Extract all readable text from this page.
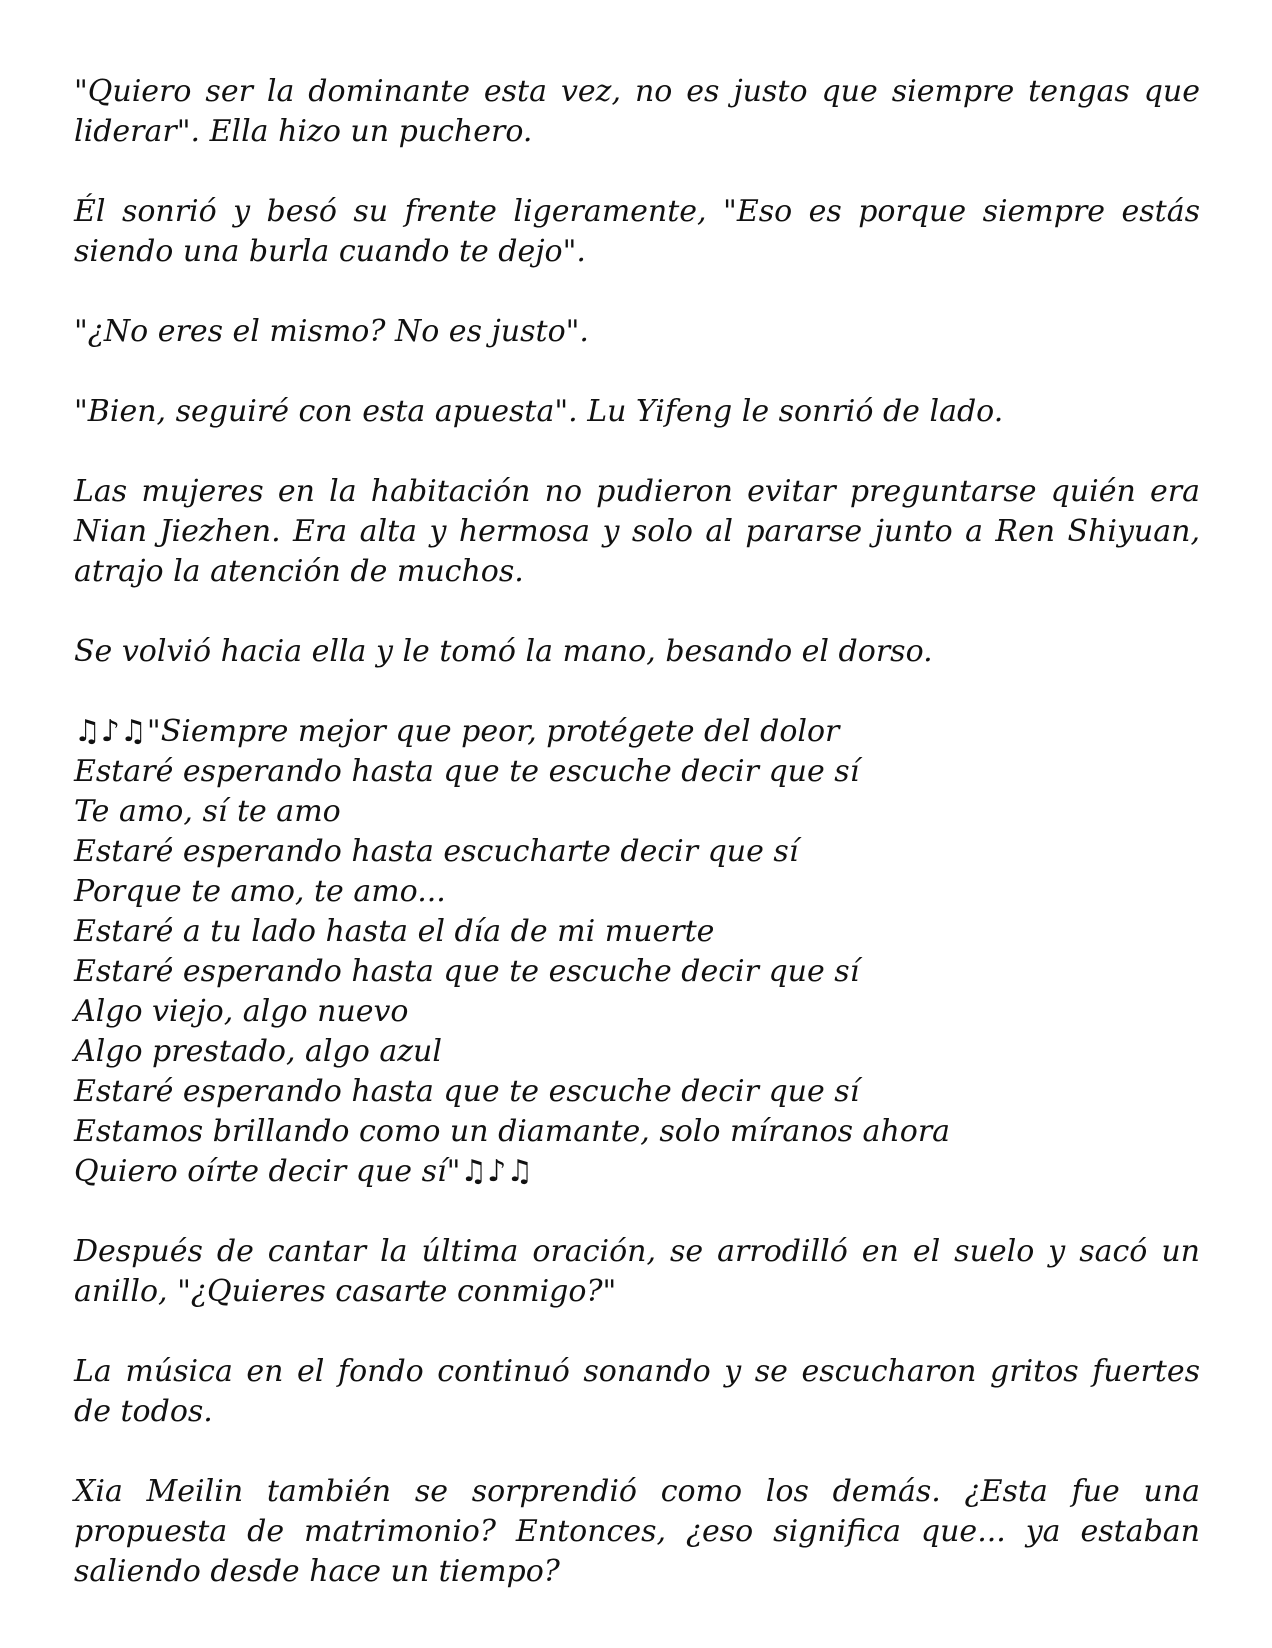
"Quiero ser la dominante esta vez, no es justo que siempre tengas que liderar". Ella hizo un puchero.

Él sonrió y besó su frente ligeramente, "Eso es porque siempre estás siendo una burla cuando te dejo".

"¿No eres el mismo? No es justo".

"Bien, seguiré con esta apuesta". Lu Yifeng le sonrió de lado.

Las mujeres en la habitación no pudieron evitar preguntarse quién era Nian Jiezhen. Era alta y hermosa y solo al pararse junto a Ren Shiyuan, atrajo la atención de muchos.

Se volvió hacia ella y le tomó la mano, besando el dorso.

♫♪♫"Siempre mejor que peor, protégete del dolor
Estaré esperando hasta que te escuche decir que sí
Te amo, sí te amo
Estaré esperando hasta escucharte decir que sí
Porque te amo, te amo...
Estaré a tu lado hasta el día de mi muerte
Estaré esperando hasta que te escuche decir que sí
Algo viejo, algo nuevo
Algo prestado, algo azul
Estaré esperando hasta que te escuche decir que sí
Estamos brillando como un diamante, solo míranos ahora
Quiero oírte decir que sí"♫♪♫

Después de cantar la última oración, se arrodilló en el suelo y sacó un anillo, "¿Quieres casarte conmigo?"

La música en el fondo continuó sonando y se escucharon gritos fuertes de todos.

Xia Meilin también se sorprendió como los demás. ¿Esta fue una propuesta de matrimonio? Entonces, ¿eso significa que... ya estaban saliendo desde hace un tiempo?
